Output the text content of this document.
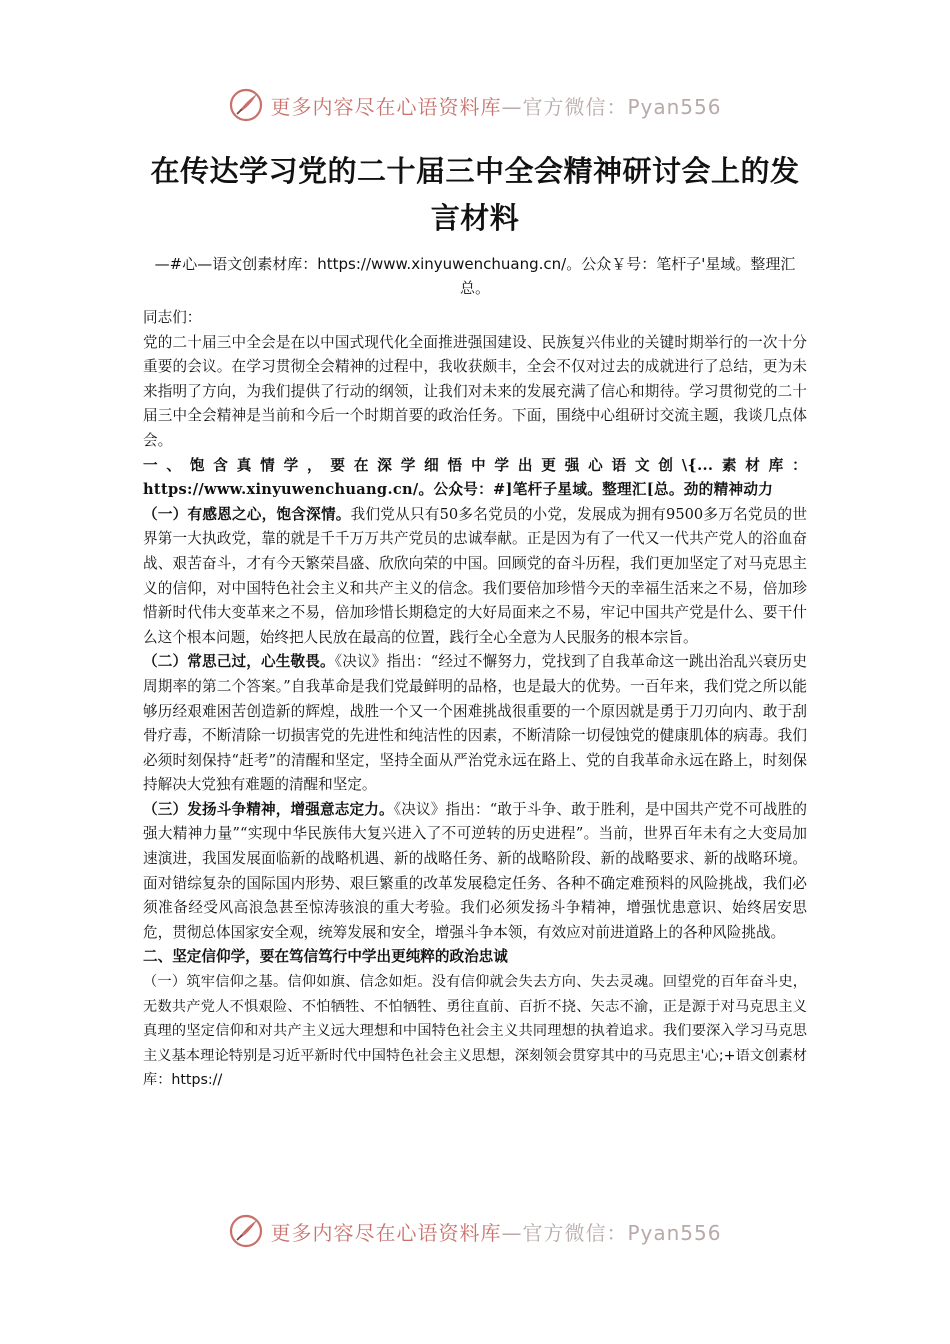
更多内容尽在心语资料库—官方微信：Pyan556
在传达学习党的二十届三中全会精神研讨会上的发言材料
—#心—语文创素材库：https://www.xinyuwenchuang.cn/。公众￥号：笔杆子'星域。整理汇总。

同志们：

党的二十届三中全会是在以中国式现代化全面推进强国建设、民族复兴伟业的关键时期举行的一次十分重要的会议。在学习贯彻全会精神的过程中，我收获颇丰，全会不仅对过去的成就进行了总结，更为未来指明了方向，为我们提供了行动的纲领，让我们对未来的发展充满了信心和期待。学习贯彻党的二十届三中全会精神是当前和今后一个时期首要的政治任务。下面，围绕中心组研讨交流主题，我谈几点体会。

一、饱含真情学，要在深学细悟中学出更强心语文创\{...素材库：https://www.xinyuwenchuang.cn/。公众号：#]笔杆子星域。整理汇[总。劲的精神动力

（一）有感恩之心，饱含深情。我们党从只有50多名党员的小党，发展成为拥有9500多万名党员的世界第一大执政党，靠的就是千千万万共产党员的忠诚奉献。正是因为有了一代又一代共产党人的浴血奋战、艰苦奋斗，才有今天繁荣昌盛、欣欣向荣的中国。回顾党的奋斗历程，我们更加坚定了对马克思主义的信仰，对中国特色社会主义和共产主义的信念。我们要倍加珍惜今天的幸福生活来之不易，倍加珍惜新时代伟大变革来之不易，倍加珍惜长期稳定的大好局面来之不易，牢记中国共产党是什么、要干什么这个根本问题，始终把人民放在最高的位置，践行全心全意为人民服务的根本宗旨。

（二）常思己过，心生敬畏。《决议》指出：“经过不懈努力，党找到了自我革命这一跳出治乱兴衰历史周期率的第二个答案。”自我革命是我们党最鲜明的品格，也是最大的优势。一百年来，我们党之所以能够历经艰难困苦创造新的辉煌，战胜一个又一个困难挑战很重要的一个原因就是勇于刀刃向内、敢于刮骨疗毒，不断清除一切损害党的先进性和纯洁性的因素，不断清除一切侵蚀党的健康肌体的病毒。我们必须时刻保持“赶考”的清醒和坚定，坚持全面从严治党永远在路上、党的自我革命永远在路上，时刻保持解决大党独有难题的清醒和坚定。

（三）发扬斗争精神，增强意志定力。《决议》指出：“敢于斗争、敢于胜利，是中国共产党不可战胜的强大精神力量”“实现中华民族伟大复兴进入了不可逆转的历史进程”。当前，世界百年未有之大变局加速演进，我国发展面临新的战略机遇、新的战略任务、新的战略阶段、新的战略要求、新的战略环境。面对错综复杂的国际国内形势、艰巨繁重的改革发展稳定任务、各种不确定难预料的风险挑战，我们必须准备经受风高浪急甚至惊涛骇浪的重大考验。我们必须发扬斗争精神，增强忧患意识、始终居安思危，贯彻总体国家安全观，统筹发展和安全，增强斗争本领，有效应对前进道路上的各种风险挑战。

二、坚定信仰学，要在笃信笃行中学出更纯粹的政治忠诚

（一）筑牢信仰之基。信仰如旗、信念如炬。没有信仰就会失去方向、失去灵魂。回望党的百年奋斗史，无数共产党人不惧艰险、不怕牺牲、不怕牺牲、勇往直前、百折不挠、矢志不渝，正是源于对马克思主义真理的坚定信仰和对共产主义远大理想和中国特色社会主义共同理想的执着追求。我们要深入学习马克思主义基本理论特别是习近平新时代中国特色社会主义思想，深刻领会贯穿其中的马克思主'心;+语文创素材库：https://

更多内容尽在心语资料库—官方微信：Pyan556
